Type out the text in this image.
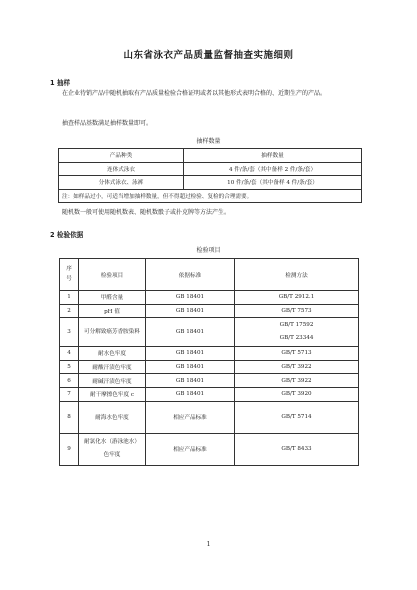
山东省泳衣产品质量监督抽查实施细则
1 抽样
在企业待销产品中随机抽取有产品质量检验合格证明或者以其他形式表明合格的、近期生产的产品。
抽查样品基数满足抽样数量即可。
抽样数量
产品种类	抽样数量
连体式泳衣	4 件/条/套（其中备样 2 件/条/套）
分体式泳衣、泳裤	10 件/条/套（其中备样 4 件/条/套）
注：如样品过小，可适当增加抽样数量，但不得超过检验、复检的合理需要。	
随机数一般可使用随机数表、随机数骰子或扑克牌等方法产生。
2 检验依据
检验项目
序号	检验项目	依据标准	检测方法
1	甲醛含量	GB 18401	GB/T 2912.1
2	pH 值	GB 18401	GB/T 7573
3	可分解致癌芳香胺染料	GB 18401	GB/T 17592
GB/T 23344

4	耐水色牢度	GB 18401	GB/T 5713
5	耐酸汗渍色牢度	GB 18401	GB/T 3922
6	耐碱汗渍色牢度	GB 18401	GB/T 3922
7	耐干摩擦色牢度 c	GB 18401	GB/T 3920
8	耐海水色牢度	相应产品标准	GB/T 5714
9	耐氯化水（游泳池水）色牢度	相应产品标准	GB/T 8433
1
